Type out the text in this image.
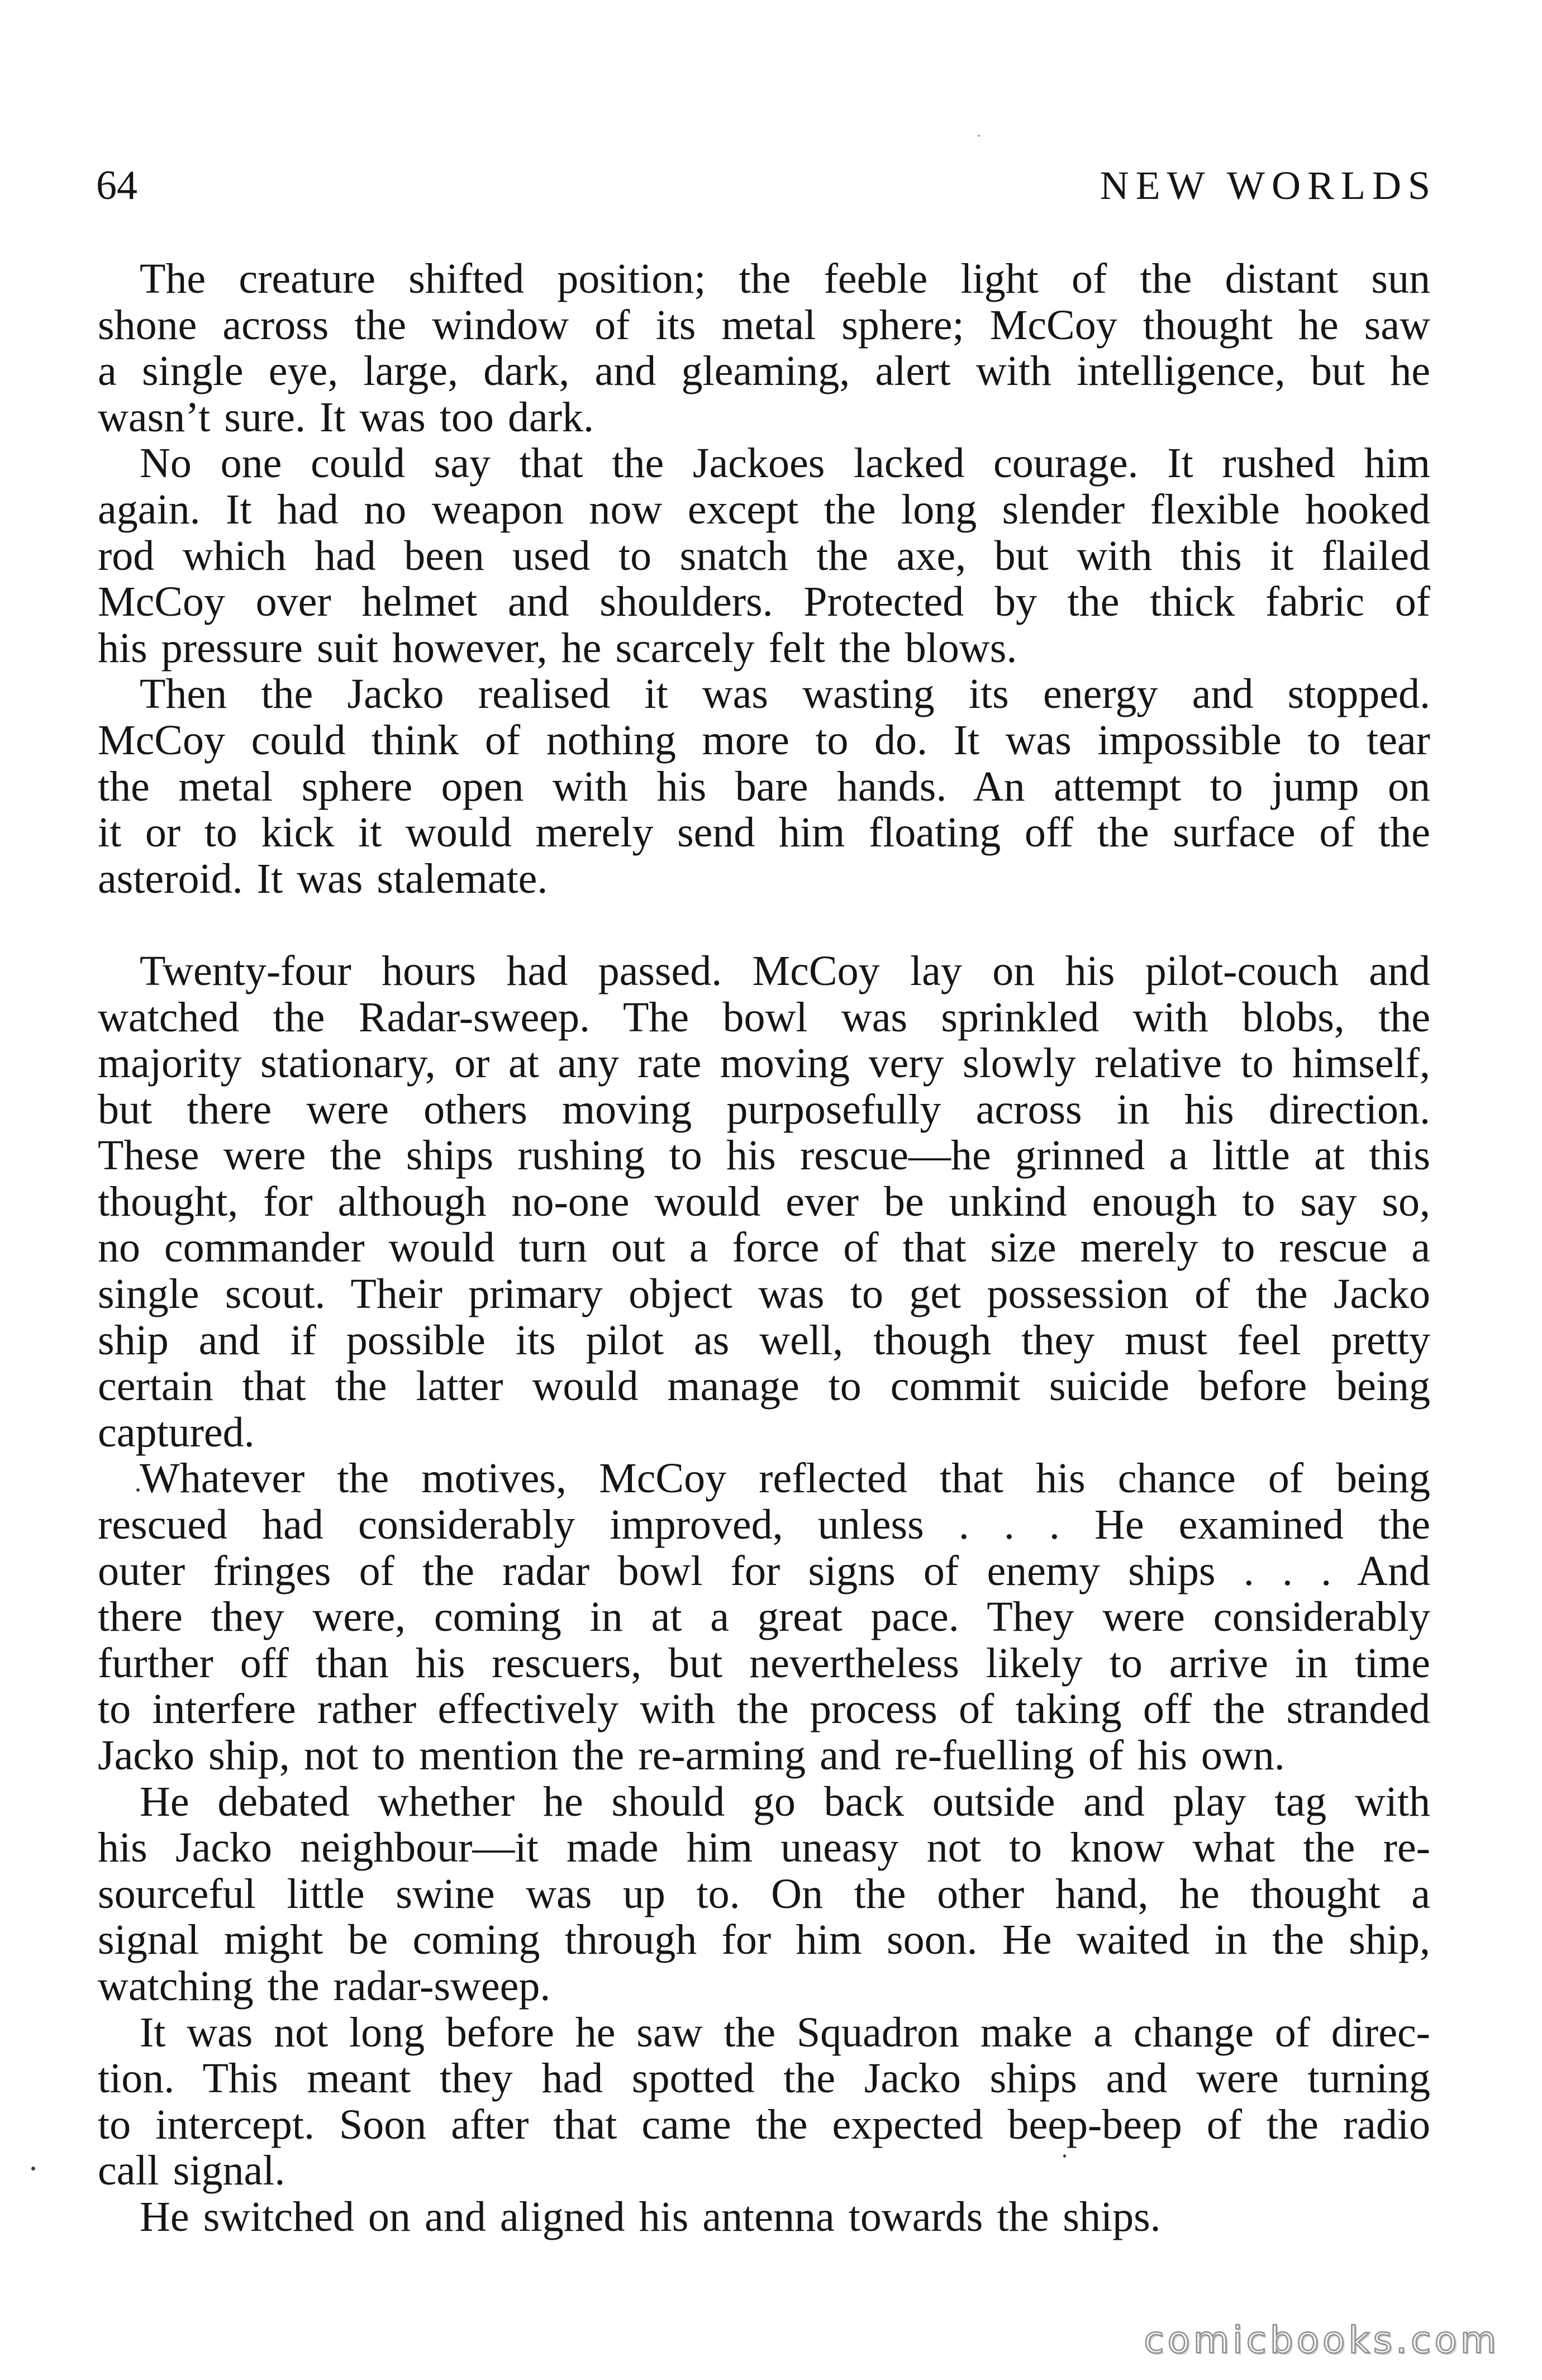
64	NEW WORLDS
The creature shifted position; the feeble light of the distant sun
shone across the window of its metal sphere; McCoy thought he saw
a single eye, large, dark, and gleaming, alert with intelligence, but he
wasn’t sure. It was too dark.
No one could say that the Jackoes lacked courage. It rushed him
again. It had no weapon now except the long slender flexible hooked
rod which had been used to snatch the axe, but with this it flailed
McCoy over helmet and shoulders. Protected by the thick fabric of
his pressure suit however, he scarcely felt the blows.
Then the Jacko realised it was wasting its energy and stopped.
McCoy could think of nothing more to do. It was impossible to tear
the metal sphere open with his bare hands. An attempt to jump on
it or to kick it would merely send him floating off the surface of the
asteroid. It was stalemate.
Twenty-four hours had passed. McCoy lay on his pilot-couch and
watched the Radar-sweep. The bowl was sprinkled with blobs, the
majority stationary, or at any rate moving very slowly relative to himself,
but there were others moving purposefully across in his direction.
These were the ships rushing to his rescue—he grinned a little at this
thought, for although no-one would ever be unkind enough to say so,
no commander would turn out a force of that size merely to rescue a
single scout. Their primary object was to get possession of the Jacko
ship and if possible its pilot as well, though they must feel pretty
certain that the latter would manage to commit suicide before being
captured.
Whatever the motives, McCoy reflected that his chance of being
rescued had considerably improved, unless . . . He examined the
outer fringes of the radar bowl for signs of enemy ships . . . And
there they were, coming in at a great pace. They were considerably
further off than his rescuers, but nevertheless likely to arrive in time
to interfere rather effectively with the process of taking off the stranded
Jacko ship, not to mention the re-arming and re-fuelling of his own.
He debated whether he should go back outside and play tag with
his Jacko neighbour—it made him uneasy not to know what the re-
sourceful little swine was up to. On the other hand, he thought a
signal might be coming through for him soon. He waited in the ship,
watching the radar-sweep.
It was not long before he saw the Squadron make a change of direc-
tion. This meant they had spotted the Jacko ships and were turning
to intercept. Soon after that came the expected beep-beep of the radio
call signal.
He switched on and aligned his antenna towards the ships.
comicbooks.com
